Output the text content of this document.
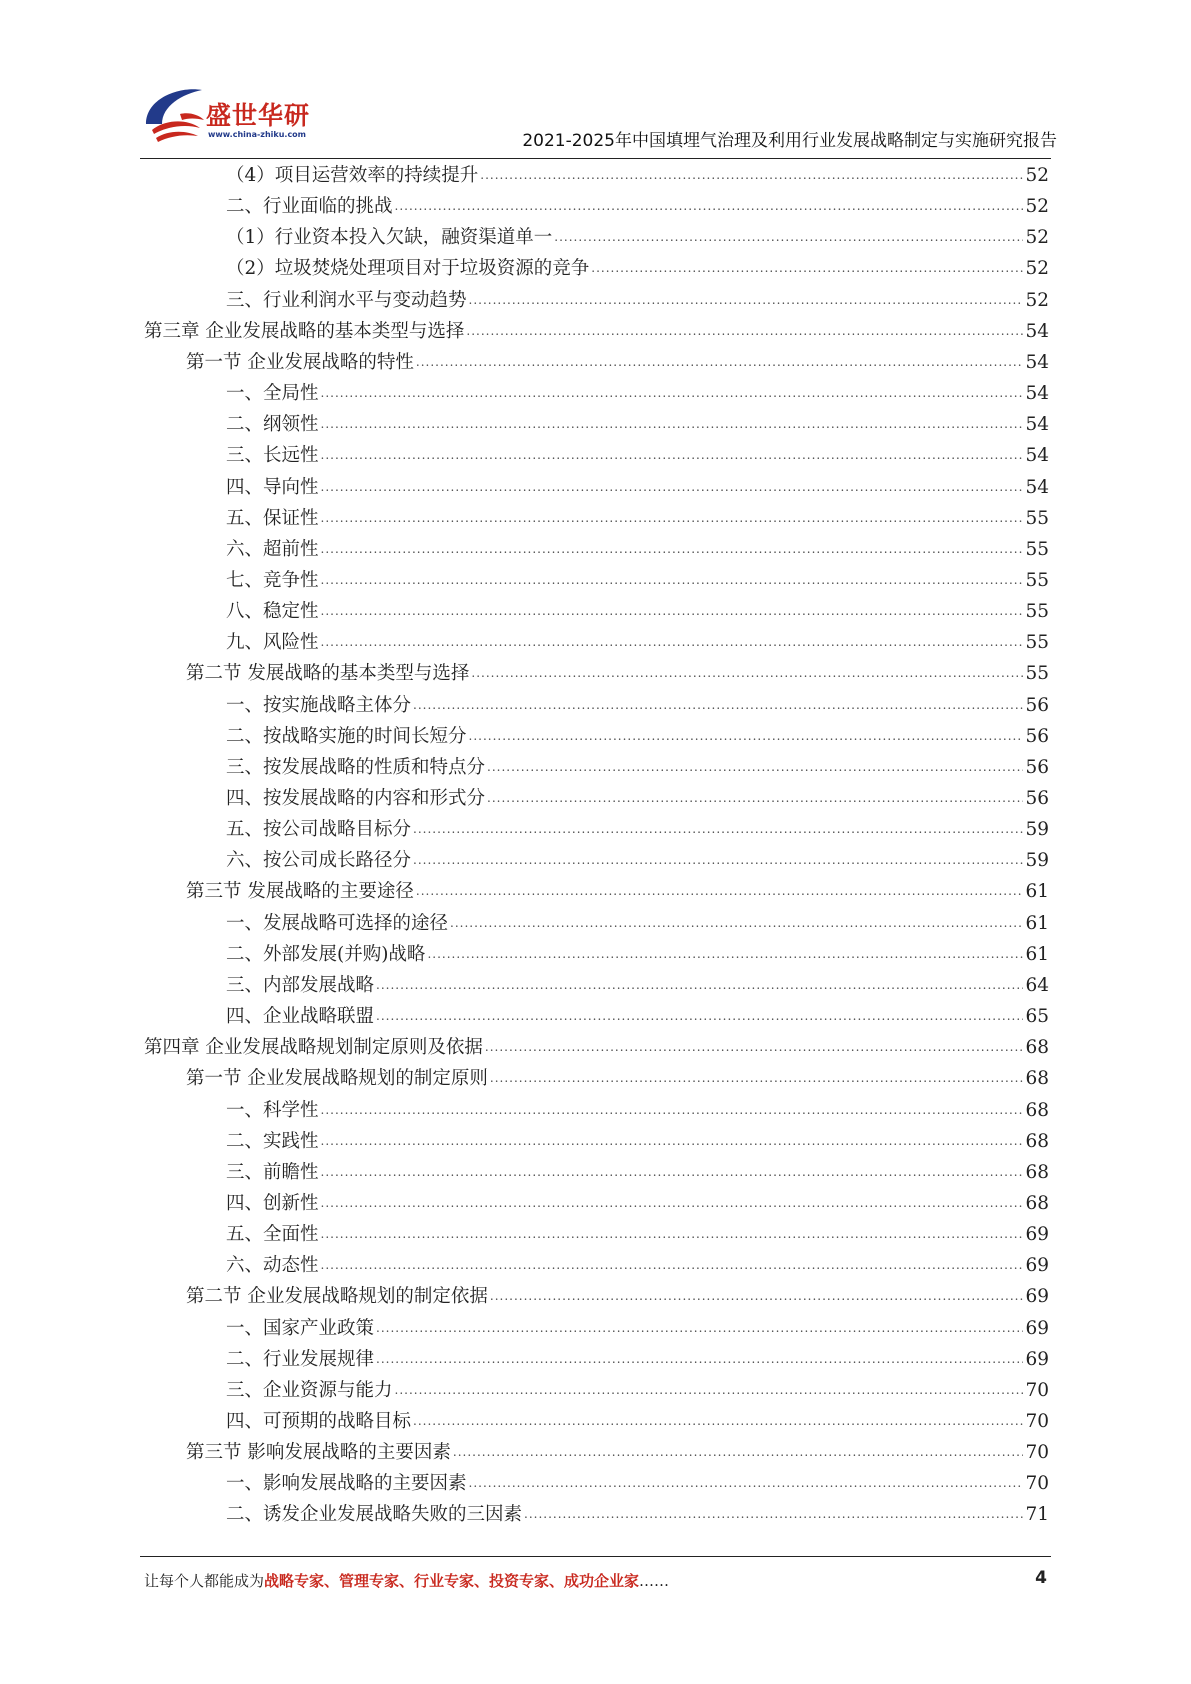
盛世华研
www.china-zhiku.com	2021-2025年中国填埋气治理及利用行业发展战略制定与实施研究报告
（4）项目运营效率的持续提升 .....	52
二、行业面临的挑战 .....	52
（1）行业资本投入欠缺，融资渠道单一 .....	52
（2）垃圾焚烧处理项目对于垃圾资源的竞争 .....	52
三、行业利润水平与变动趋势 .....	52
第三章 企业发展战略的基本类型与选择 .....	54
第一节 企业发展战略的特性 .....	54
一、全局性 .....	54
二、纲领性 .....	54
三、长远性 .....	54
四、导向性 .....	54
五、保证性 .....	55
六、超前性 .....	55
七、竞争性 .....	55
八、稳定性 .....	55
九、风险性 .....	55
第二节 发展战略的基本类型与选择 .....	55
一、按实施战略主体分 .....	56
二、按战略实施的时间长短分 .....	56
三、按发展战略的性质和特点分 .....	56
四、按发展战略的内容和形式分 .....	56
五、按公司战略目标分 .....	59
六、按公司成长路径分 .....	59
第三节 发展战略的主要途径 .....	61
一、发展战略可选择的途径 .....	61
二、外部发展(并购)战略 .....	61
三、内部发展战略 .....	64
四、企业战略联盟 .....	65
第四章 企业发展战略规划制定原则及依据 .....	68
第一节 企业发展战略规划的制定原则 .....	68
一、科学性 .....	68
二、实践性 .....	68
三、前瞻性 .....	68
四、创新性 .....	68
五、全面性 .....	69
六、动态性 .....	69
第二节 企业发展战略规划的制定依据 .....	69
一、国家产业政策 .....	69
二、行业发展规律 .....	69
三、企业资源与能力 .....	70
四、可预期的战略目标 .....	70
第三节 影响发展战略的主要因素 .....	70
一、影响发展战略的主要因素 .....	70
二、诱发企业发展战略失败的三因素 .....	71
让每个人都能成为战略专家、管理专家、行业专家、投资专家、成功企业家……	4
